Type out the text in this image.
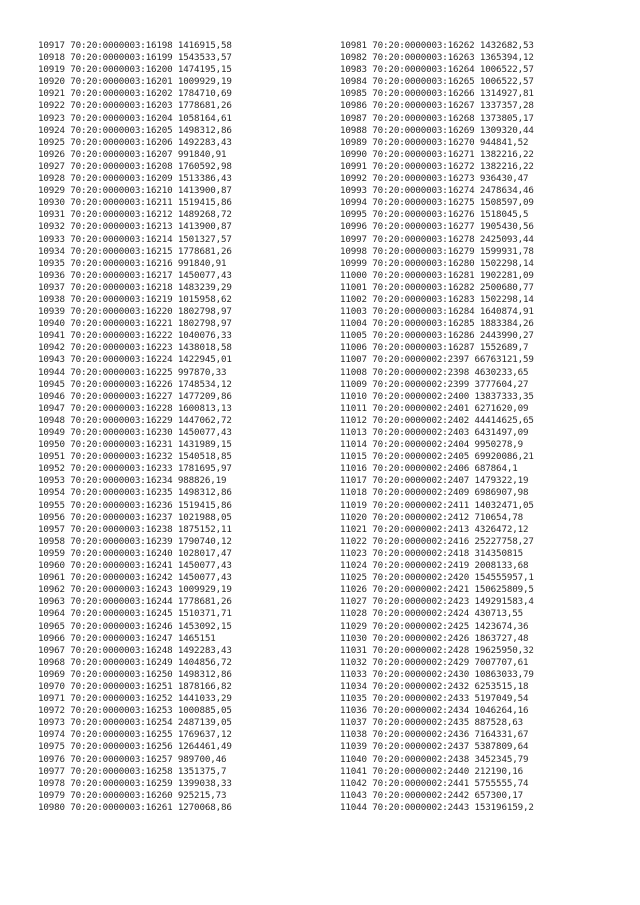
10917 70:20:0000003:16198 1416915,58
10918 70:20:0000003:16199 1543533,57
10919 70:20:0000003:16200 1474195,15
10920 70:20:0000003:16201 1009929,19
10921 70:20:0000003:16202 1784710,69
10922 70:20:0000003:16203 1778681,26
10923 70:20:0000003:16204 1058164,61
10924 70:20:0000003:16205 1498312,86
10925 70:20:0000003:16206 1492283,43
10926 70:20:0000003:16207 991840,91
10927 70:20:0000003:16208 1760592,98
10928 70:20:0000003:16209 1513386,43
10929 70:20:0000003:16210 1413900,87
10930 70:20:0000003:16211 1519415,86
10931 70:20:0000003:16212 1489268,72
10932 70:20:0000003:16213 1413900,87
10933 70:20:0000003:16214 1501327,57
10934 70:20:0000003:16215 1778681,26
10935 70:20:0000003:16216 991840,91
10936 70:20:0000003:16217 1450077,43
10937 70:20:0000003:16218 1483239,29
10938 70:20:0000003:16219 1015958,62
10939 70:20:0000003:16220 1802798,97
10940 70:20:0000003:16221 1802798,97
10941 70:20:0000003:16222 1040076,33
10942 70:20:0000003:16223 1438018,58
10943 70:20:0000003:16224 1422945,01
10944 70:20:0000003:16225 997870,33
10945 70:20:0000003:16226 1748534,12
10946 70:20:0000003:16227 1477209,86
10947 70:20:0000003:16228 1600813,13
10948 70:20:0000003:16229 1447062,72
10949 70:20:0000003:16230 1450077,43
10950 70:20:0000003:16231 1431989,15
10951 70:20:0000003:16232 1540518,85
10952 70:20:0000003:16233 1781695,97
10953 70:20:0000003:16234 988826,19
10954 70:20:0000003:16235 1498312,86
10955 70:20:0000003:16236 1519415,86
10956 70:20:0000003:16237 1021988,05
10957 70:20:0000003:16238 1875152,11
10958 70:20:0000003:16239 1790740,12
10959 70:20:0000003:16240 1028017,47
10960 70:20:0000003:16241 1450077,43
10961 70:20:0000003:16242 1450077,43
10962 70:20:0000003:16243 1009929,19
10963 70:20:0000003:16244 1778681,26
10964 70:20:0000003:16245 1510371,71
10965 70:20:0000003:16246 1453092,15
10966 70:20:0000003:16247 1465151
10967 70:20:0000003:16248 1492283,43
10968 70:20:0000003:16249 1404856,72
10969 70:20:0000003:16250 1498312,86
10970 70:20:0000003:16251 1878166,82
10971 70:20:0000003:16252 1441033,29
10972 70:20:0000003:16253 1000885,05
10973 70:20:0000003:16254 2487139,05
10974 70:20:0000003:16255 1769637,12
10975 70:20:0000003:16256 1264461,49
10976 70:20:0000003:16257 989700,46
10977 70:20:0000003:16258 1351375,7
10978 70:20:0000003:16259 1399038,33
10979 70:20:0000003:16260 925215,73
10980 70:20:0000003:16261 1270068,86
10981 70:20:0000003:16262 1432682,53
10982 70:20:0000003:16263 1365394,12
10983 70:20:0000003:16264 1006522,57
10984 70:20:0000003:16265 1006522,57
10985 70:20:0000003:16266 1314927,81
10986 70:20:0000003:16267 1337357,28
10987 70:20:0000003:16268 1373805,17
10988 70:20:0000003:16269 1309320,44
10989 70:20:0000003:16270 944841,52
10990 70:20:0000003:16271 1382216,22
10991 70:20:0000003:16272 1382216,22
10992 70:20:0000003:16273 936430,47
10993 70:20:0000003:16274 2478634,46
10994 70:20:0000003:16275 1508597,09
10995 70:20:0000003:16276 1518045,5
10996 70:20:0000003:16277 1905430,56
10997 70:20:0000003:16278 2425093,44
10998 70:20:0000003:16279 1599931,78
10999 70:20:0000003:16280 1502298,14
11000 70:20:0000003:16281 1902281,09
11001 70:20:0000003:16282 2500680,77
11002 70:20:0000003:16283 1502298,14
11003 70:20:0000003:16284 1640874,91
11004 70:20:0000003:16285 1883384,26
11005 70:20:0000003:16286 2443990,27
11006 70:20:0000003:16287 1552689,7
11007 70:20:0000002:2397 66763121,59
11008 70:20:0000002:2398 4630233,65
11009 70:20:0000002:2399 3777604,27
11010 70:20:0000002:2400 13837333,35
11011 70:20:0000002:2401 6271620,09
11012 70:20:0000002:2402 44414625,65
11013 70:20:0000002:2403 6431497,09
11014 70:20:0000002:2404 9950278,9
11015 70:20:0000002:2405 69920086,21
11016 70:20:0000002:2406 687864,1
11017 70:20:0000002:2407 1479322,19
11018 70:20:0000002:2409 6986907,98
11019 70:20:0000002:2411 14032471,05
11020 70:20:0000002:2412 710654,78
11021 70:20:0000002:2413 4326472,12
11022 70:20:0000002:2416 25227758,27
11023 70:20:0000002:2418 314350815
11024 70:20:0000002:2419 2008133,68
11025 70:20:0000002:2420 154555957,1
11026 70:20:0000002:2421 150625809,5
11027 70:20:0000002:2423 149291583,4
11028 70:20:0000002:2424 430713,55
11029 70:20:0000002:2425 1423674,36
11030 70:20:0000002:2426 1863727,48
11031 70:20:0000002:2428 19625950,32
11032 70:20:0000002:2429 7007707,61
11033 70:20:0000002:2430 10863033,79
11034 70:20:0000002:2432 6253515,18
11035 70:20:0000002:2433 5197049,54
11036 70:20:0000002:2434 1046264,16
11037 70:20:0000002:2435 887528,63
11038 70:20:0000002:2436 7164331,67
11039 70:20:0000002:2437 5387809,64
11040 70:20:0000002:2438 3452345,79
11041 70:20:0000002:2440 212190,16
11042 70:20:0000002:2441 5755555,74
11043 70:20:0000002:2442 657300,17
11044 70:20:0000002:2443 153196159,2
